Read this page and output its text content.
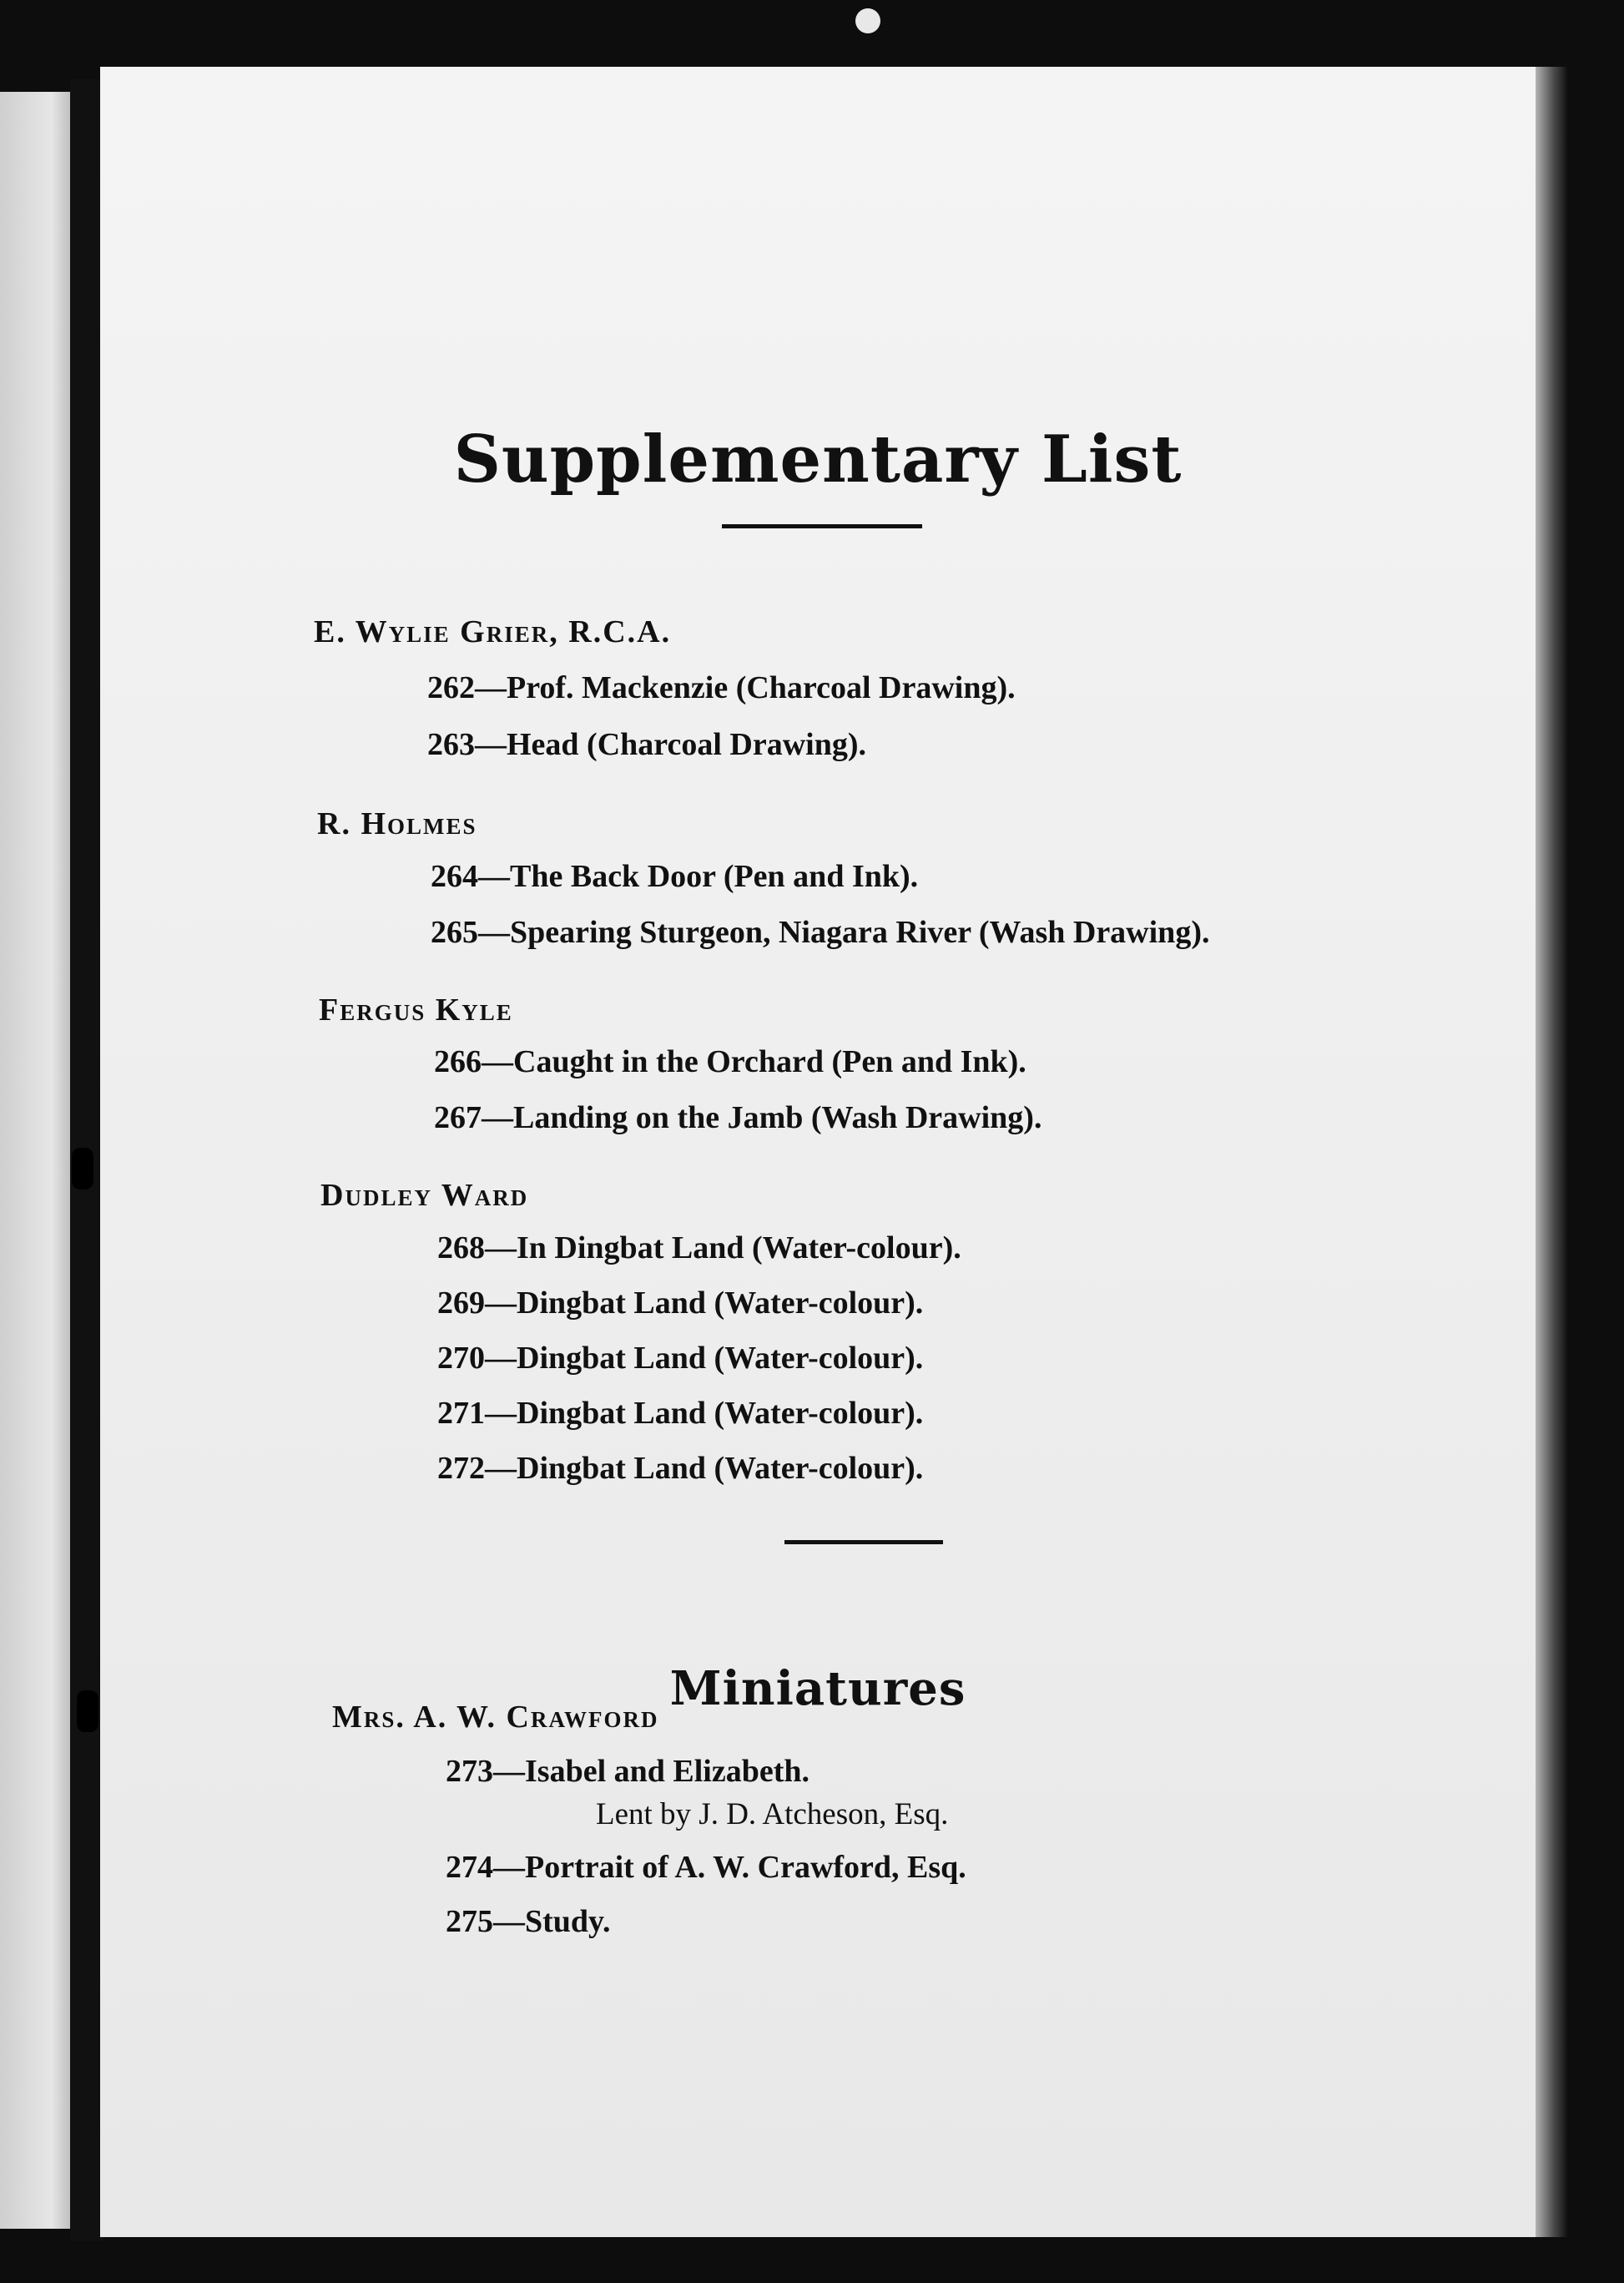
Supplementary List
E. Wylie Grier, R.C.A.
262—Prof. Mackenzie (Charcoal Drawing).
263—Head (Charcoal Drawing).
R. Holmes
264—The Back Door (Pen and Ink).
265—Spearing Sturgeon, Niagara River (Wash Drawing).
Fergus Kyle
266—Caught in the Orchard (Pen and Ink).
267—Landing on the Jamb (Wash Drawing).
Dudley Ward
268—In Dingbat Land (Water-colour).
269—Dingbat Land (Water-colour).
270—Dingbat Land (Water-colour).
271—Dingbat Land (Water-colour).
272—Dingbat Land (Water-colour).
Miniatures
Mrs. A. W. Crawford
273—Isabel and Elizabeth.
Lent by J. D. Atcheson, Esq.
274—Portrait of A. W. Crawford, Esq.
275—Study.
